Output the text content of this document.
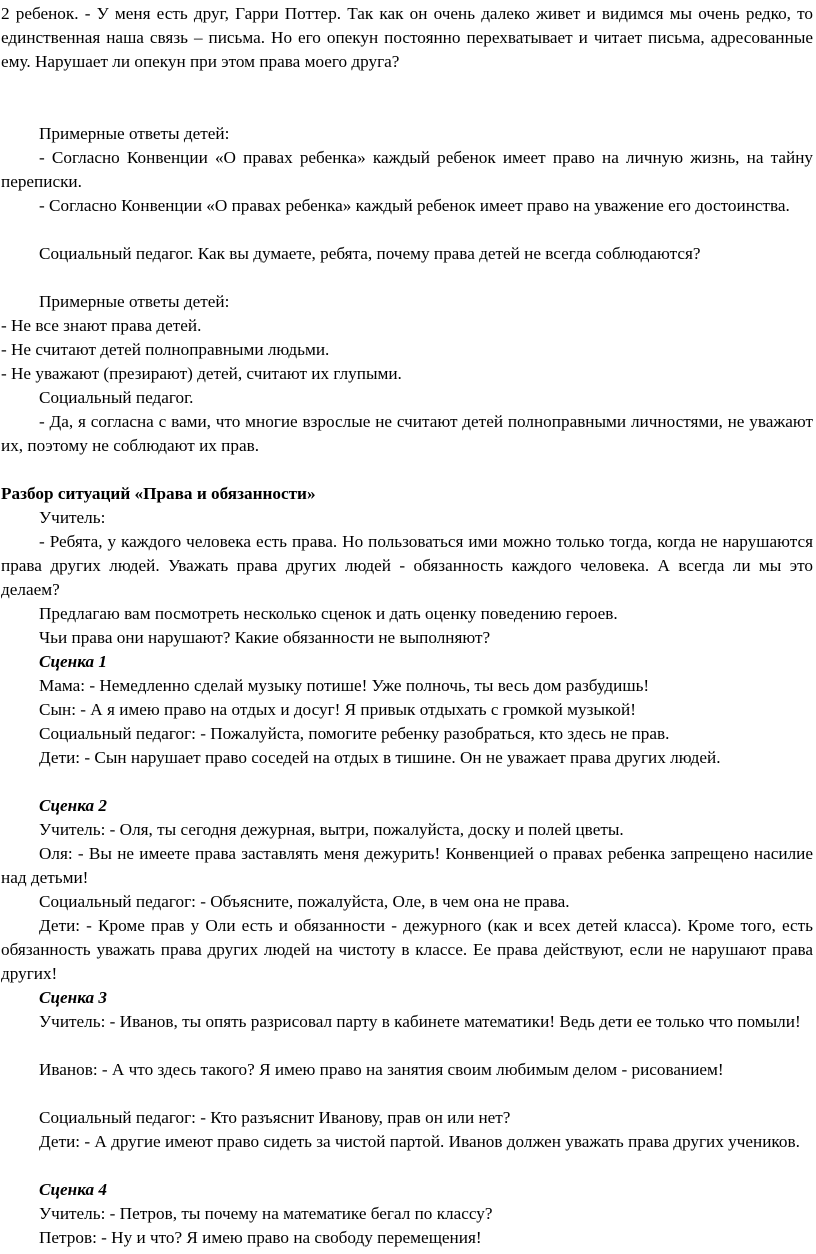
2 ребенок. - У меня есть друг, Гарри Поттер. Так как он очень далеко живет и видимся мы очень редко, то единственная наша связь – письма. Но его опекун постоянно перехватывает и читает письма, адресованные ему. Нарушает ли опекун при этом права моего друга?

Примерные ответы детей:

- Согласно Конвенции «О правах ребенка» каждый ребенок имеет право на личную жизнь, на тайну переписки.

- Согласно Конвенции «О правах ребенка» каждый ребенок имеет право на уважение его достоинства.

Социальный педагог. Как вы думаете, ребята, почему права детей не всегда соблюдаются?

Примерные ответы детей:

- Не все знают права детей.

- Не считают детей полноправными людьми.

- Не уважают (презирают) детей, считают их глупыми.

Социальный педагог.

- Да, я согласна с вами, что многие взрослые не считают детей полноправными личностями, не уважают их, поэтому не соблюдают их прав.

Разбор ситуаций «Права и обязанности»

Учитель:

- Ребята, у каждого человека есть права. Но пользоваться ими можно только тогда, когда не нарушаются права других людей. Уважать права других людей - обязанность каждого человека. А всегда ли мы это делаем?

Предлагаю вам посмотреть несколько сценок и дать оценку поведению героев.

Чьи права они нарушают? Какие обязанности не выполняют?

Сценка 1

Мама: - Немедленно сделай музыку потише! Уже полночь, ты весь дом разбудишь!

Сын: - А я имею право на отдых и досуг! Я привык отдыхать с громкой музыкой!

Социальный педагог: - Пожалуйста, помогите ребенку разобраться, кто здесь не прав.

Дети: - Сын нарушает право соседей на отдых в тишине. Он не уважает права других людей.

Сценка 2

Учитель: - Оля, ты сегодня дежурная, вытри, пожалуйста, доску и полей цветы.

Оля: - Вы не имеете права заставлять меня дежурить! Конвенцией о правах ребенка запрещено насилие над детьми!

Социальный педагог: - Объясните, пожалуйста, Оле, в чем она не права.

Дети: - Кроме прав у Оли есть и обязанности - дежурного (как и всех детей класса). Кроме того, есть обязанность уважать права других людей на чистоту в классе. Ее права действуют, если не нарушают права других!

Сценка 3

Учитель: - Иванов, ты опять разрисовал парту в кабинете математики! Ведь дети ее только что помыли!

Иванов: - А что здесь такого? Я имею право на занятия своим любимым делом - рисованием!

Социальный педагог: - Кто разъяснит Иванову, прав он или нет?

Дети: - А другие имеют право сидеть за чистой партой. Иванов должен уважать права других учеников.

Сценка 4

Учитель: - Петров, ты почему на математике бегал по классу?

Петров: - Ну и что? Я имею право на свободу перемещения!
